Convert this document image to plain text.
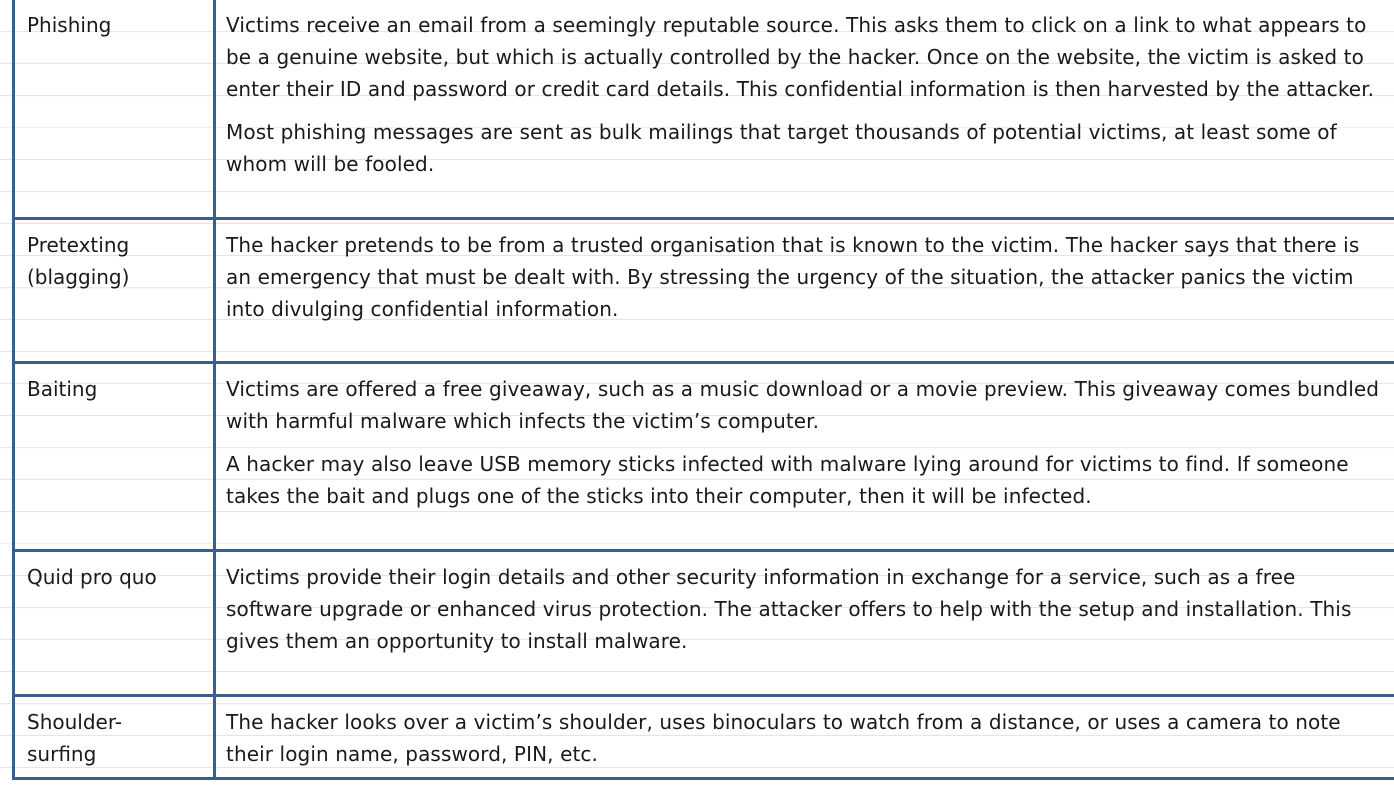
Phishing	Victims receive an email from a seemingly reputable source. This asks them to click on a link to what appears to be a genuine website, but which is actually controlled by the hacker. Once on the website, the victim is asked to enter their ID and password or credit card details. This confidential information is then harvested by the attacker.
Most phishing messages are sent as bulk mailings that target thousands of potential victims, at least some of whom will be fooled.

Pretexting
(blagging)	The hacker pretends to be from a trusted organisation that is known to the victim. The hacker says that there is an emergency that must be dealt with. By stressing the urgency of the situation, the attacker panics the victim into divulging confidential information.

Baiting	Victims are offered a free giveaway, such as a music download or a movie preview. This giveaway comes bundled with harmful malware which infects the victim’s computer.
A hacker may also leave USB memory sticks infected with malware lying around for victims to find. If someone takes the bait and plugs one of the sticks into their computer, then it will be infected.

Quid pro quo	Victims provide their login details and other security information in exchange for a service, such as a free software upgrade or enhanced virus protection. The attacker offers to help with the setup and installation. This gives them an opportunity to install malware.

Shoulder-
surfing	The hacker looks over a victim’s shoulder, uses binoculars to watch from a distance, or uses a camera to note their login name, password, PIN, etc.
